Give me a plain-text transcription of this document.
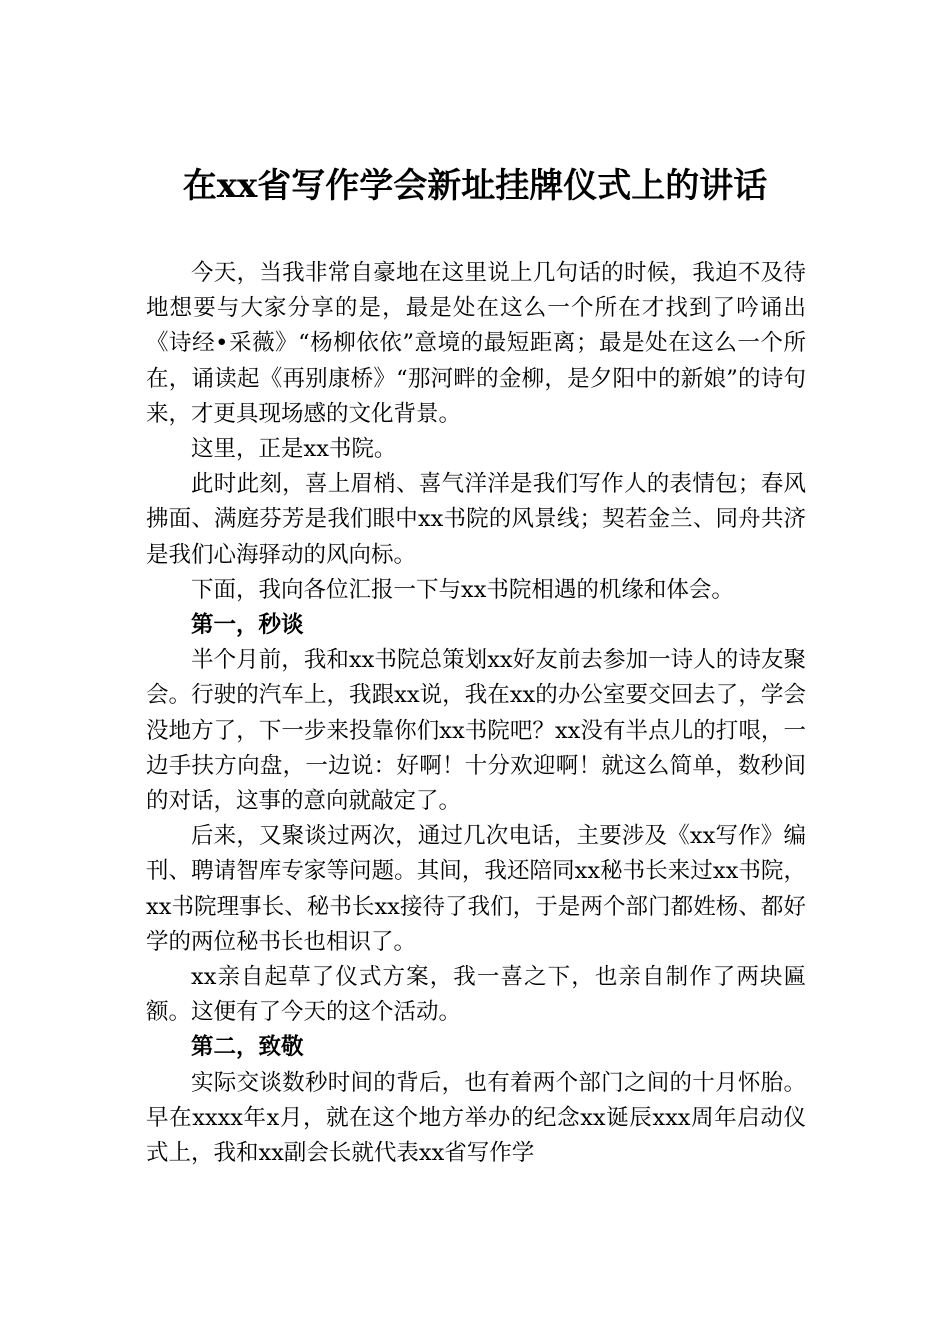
在xx省写作学会新址挂牌仪式上的讲话

今天，当我非常自豪地在这里说上几句话的时候，我迫不及待地想要与大家分享的是，最是处在这么一个所在才找到了吟诵出《诗经•采薇》“杨柳依依”意境的最短距离；最是处在这么一个所在，诵读起《再别康桥》“那河畔的金柳，是夕阳中的新娘”的诗句来，才更具现场感的文化背景。

这里，正是xx书院。

此时此刻，喜上眉梢、喜气洋洋是我们写作人的表情包；春风拂面、满庭芬芳是我们眼中xx书院的风景线；契若金兰、同舟共济是我们心海驿动的风向标。

下面，我向各位汇报一下与xx书院相遇的机缘和体会。

第一，秒谈

半个月前，我和xx书院总策划xx好友前去参加一诗人的诗友聚会。行驶的汽车上，我跟xx说，我在xx的办公室要交回去了，学会没地方了，下一步来投靠你们xx书院吧？xx没有半点儿的打哏，一边手扶方向盘，一边说：好啊！十分欢迎啊！就这么简单，数秒间的对话，这事的意向就敲定了。

后来，又聚谈过两次，通过几次电话，主要涉及《xx写作》编刊、聘请智库专家等问题。其间，我还陪同xx秘书长来过xx书院，xx书院理事长、秘书长xx接待了我们，于是两个部门都姓杨、都好学的两位秘书长也相识了。

xx亲自起草了仪式方案，我一喜之下，也亲自制作了两块匾额。这便有了今天的这个活动。

第二，致敬

实际交谈数秒时间的背后，也有着两个部门之间的十月怀胎。早在xxxx年x月，就在这个地方举办的纪念xx诞辰xxx周年启动仪式上，我和xx副会长就代表xx省写作学
